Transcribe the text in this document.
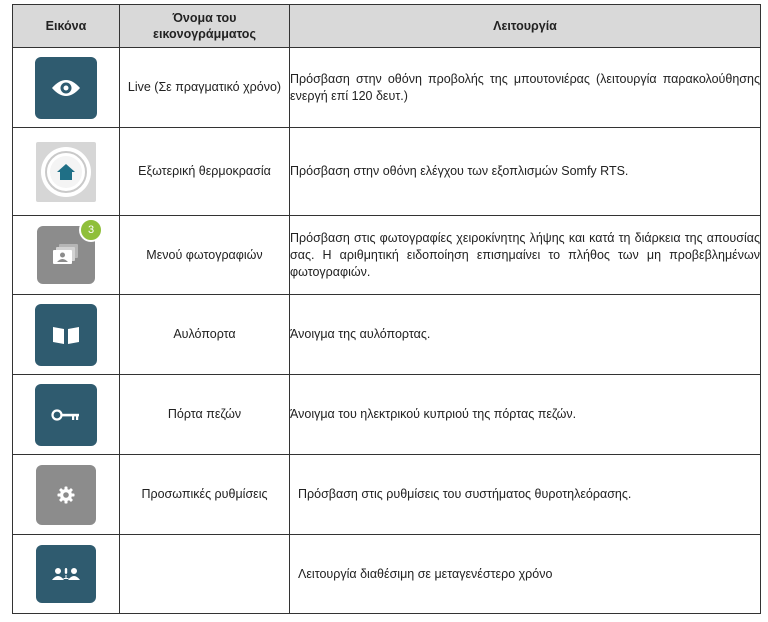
Εικόνα	Όνομα του εικονογράμματος	Λειτουργία

	Live (Σε πραγματικό χρόνο)	Πρόσβαση στην οθόνη προβολής της μπουτονιέρας (λειτουργία παρακολούθησης ενεργή επί 120 δευτ.)

	Εξωτερική θερμοκρασία	Πρόσβαση στην οθόνη ελέγχου των εξοπλισμών Somfy RTS.

3	Μενού φωτογραφιών	Πρόσβαση στις φωτογραφίες χειροκίνητης λήψης και κατά τη διάρκεια της απουσίας σας. Η αριθμητική ειδοποίηση επισημαίνει το πλήθος των μη προβεβλημένων φωτογραφιών.

	Αυλόπορτα	Άνοιγμα της αυλόπορτας.

	Πόρτα πεζών	Άνοιγμα του ηλεκτρικού κυπριού της πόρτας πεζών.

	Προσωπικές ρυθμίσεις	Πρόσβαση στις ρυθμίσεις του συστήματος θυροτηλεόρασης.

		Λειτουργία διαθέσιμη σε μεταγενέστερο χρόνο
